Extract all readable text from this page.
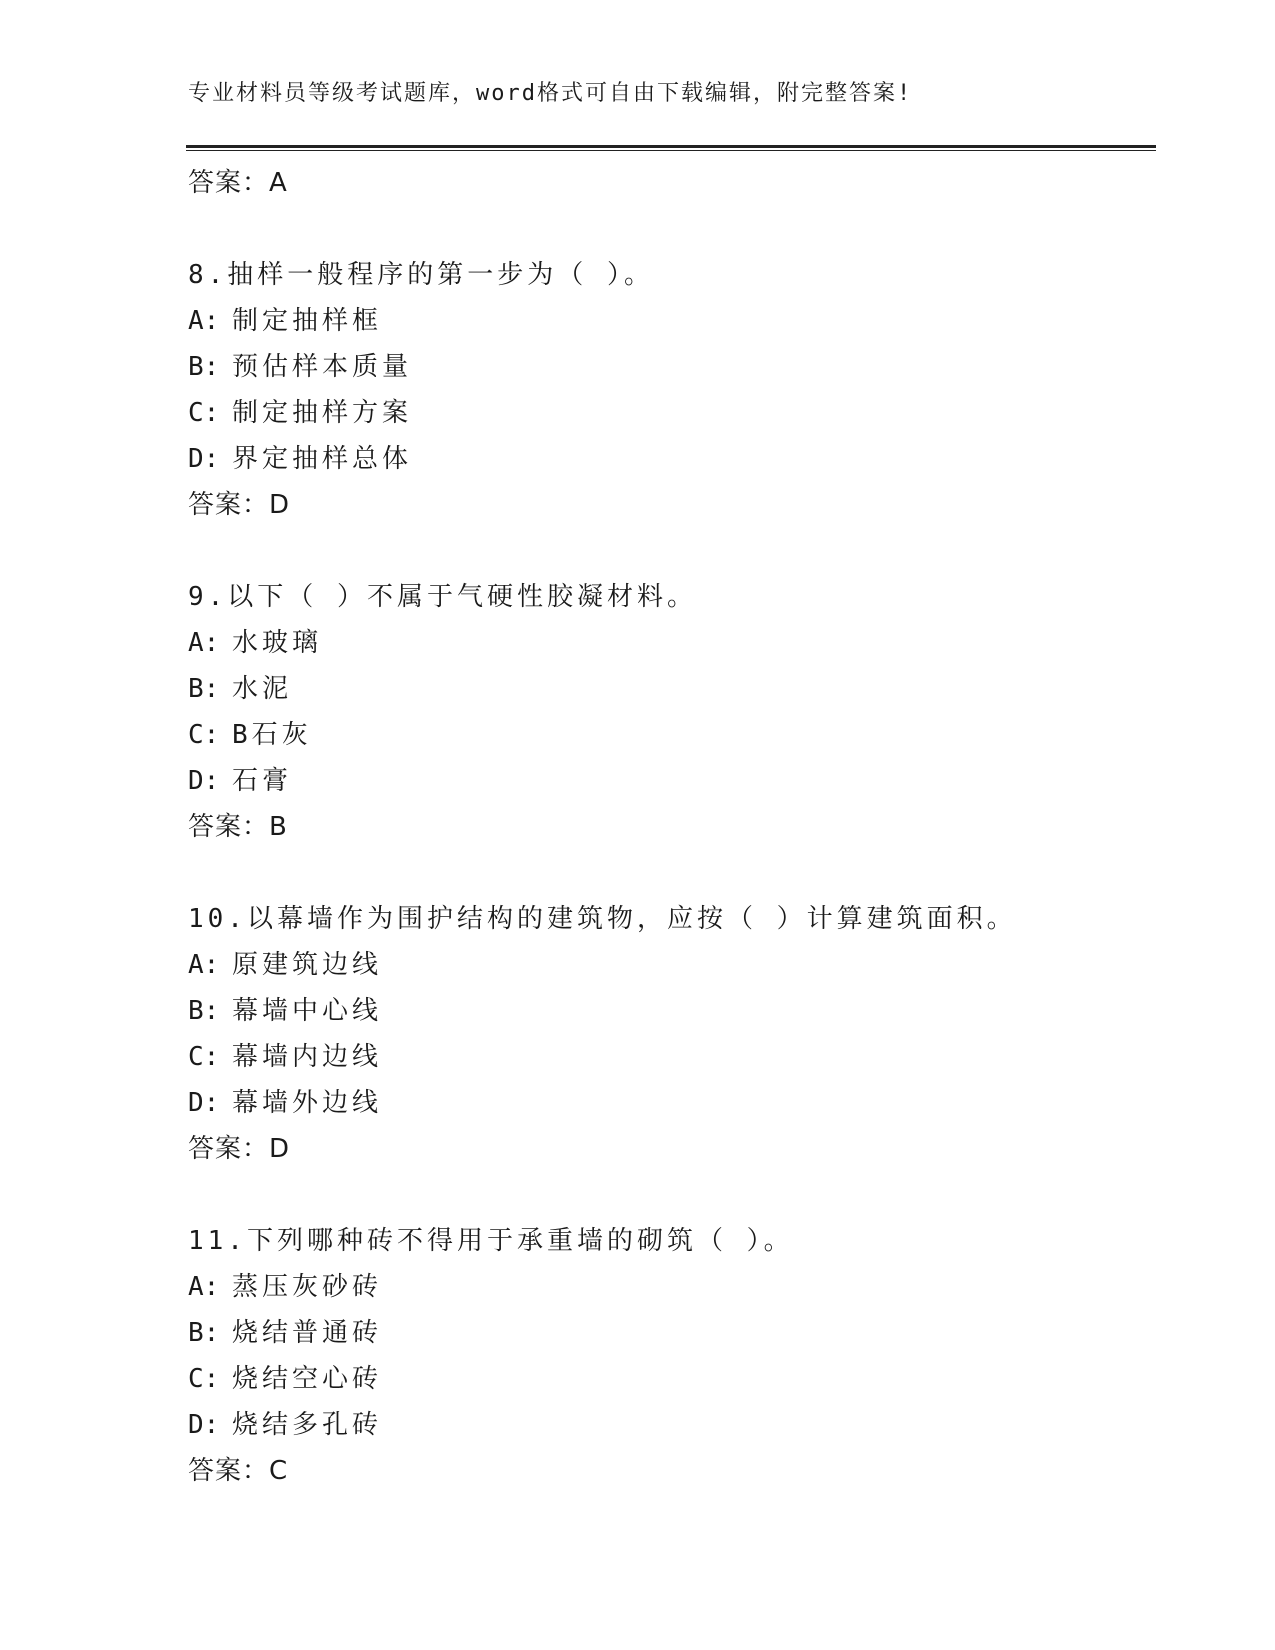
专业材料员等级考试题库，word格式可自由下载编辑，附完整答案!
答案：A
8.抽样一般程序的第一步为（ ）。
A: 制定抽样框
B: 预估样本质量
C: 制定抽样方案
D: 界定抽样总体
答案：D
9.以下（ ）不属于气硬性胶凝材料。
A: 水玻璃
B: 水泥
C: B石灰
D: 石膏
答案：B
10.以幕墙作为围护结构的建筑物，应按（ ）计算建筑面积。
A: 原建筑边线
B: 幕墙中心线
C: 幕墙内边线
D: 幕墙外边线
答案：D
11.下列哪种砖不得用于承重墙的砌筑（ ）。
A: 蒸压灰砂砖
B: 烧结普通砖
C: 烧结空心砖
D: 烧结多孔砖
答案：C
